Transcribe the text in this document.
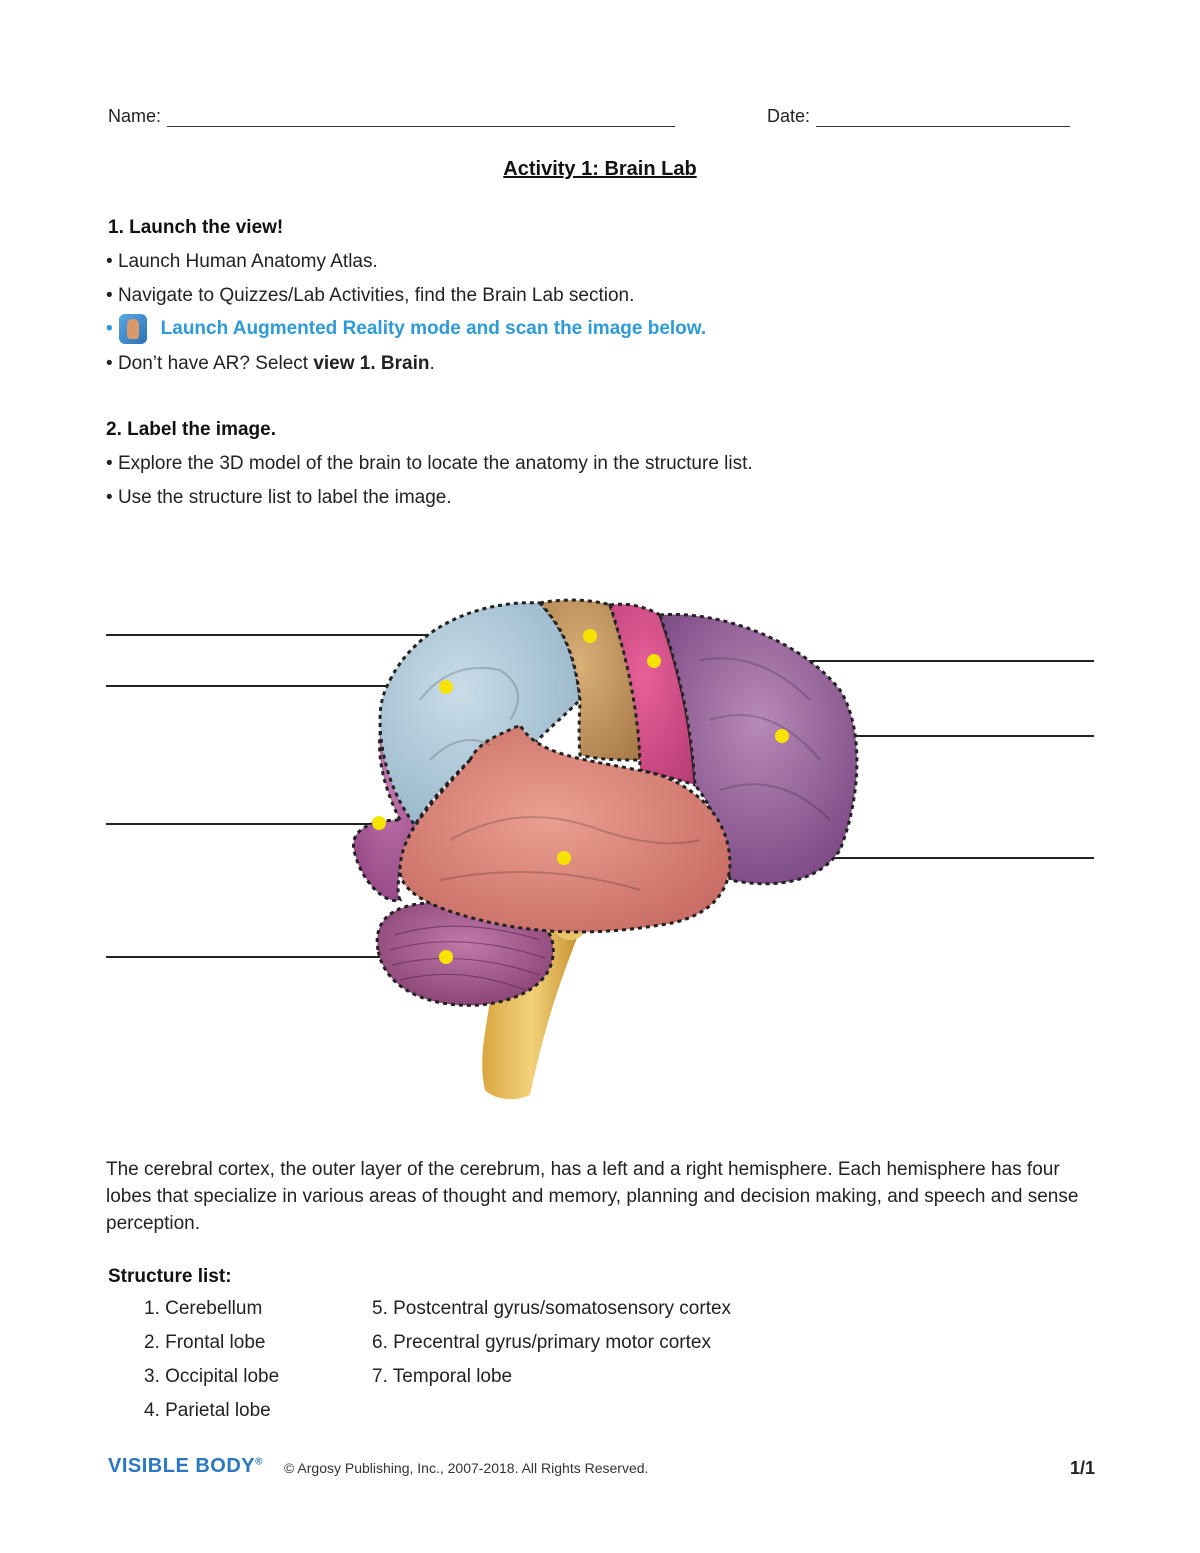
Name:	Date:
Activity 1: Brain Lab
1. Launch the view!
• Launch Human Anatomy Atlas.
• Navigate to Quizzes/Lab Activities, find the Brain Lab section.
•	Launch Augmented Reality mode and scan the image below.
• Don’t have AR? Select view 1. Brain.
2. Label the image.
• Explore the 3D model of the brain to locate the anatomy in the structure list.
• Use the structure list to label the image.
The cerebral cortex, the outer layer of the cerebrum, has a left and a right hemisphere. Each hemisphere has four lobes that specialize in various areas of thought and memory, planning and decision making, and speech and sense perception.
Structure list:
1. Cerebellum
2. Frontal lobe
3. Occipital lobe
4. Parietal lobe
5. Postcentral gyrus/somatosensory cortex
6. Precentral gyrus/primary motor cortex
7. Temporal lobe
VISIBLE BODY® © Argosy Publishing, Inc., 2007-2018. All Rights Reserved.	1/1
